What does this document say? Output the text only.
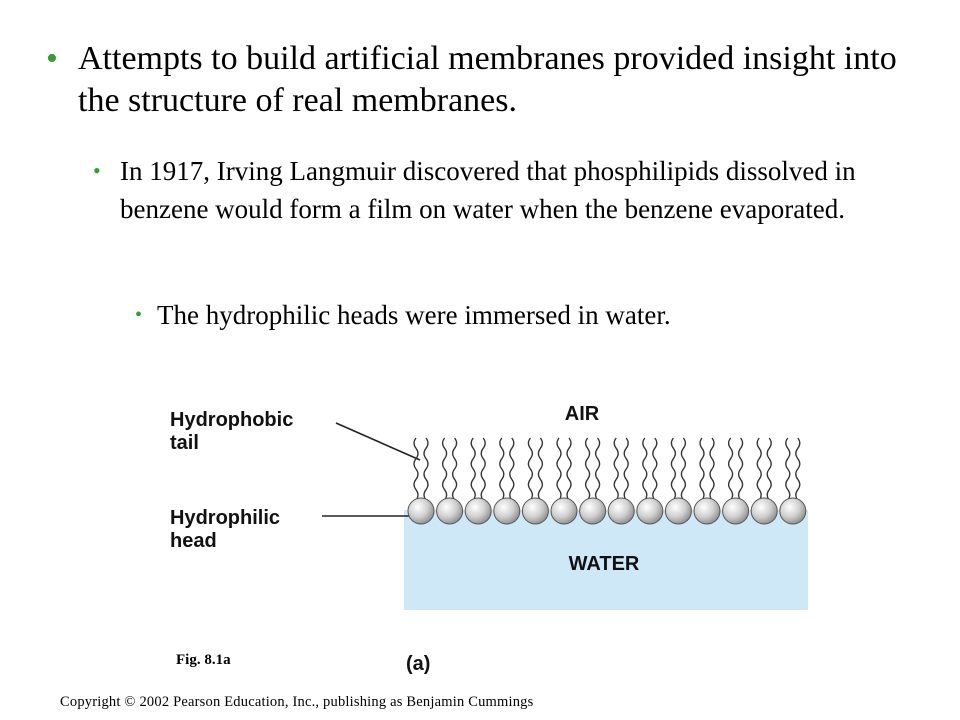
• Attempts to build artificial membranes provided insight into the structure of real membranes.
• In 1917, Irving Langmuir discovered that phosphilipids dissolved in benzene would form a film on water when the benzene evaporated.
• The hydrophilic heads were immersed in water.
AIR
WATER
Hydrophobic
tail
Hydrophilic
head
(a)
Fig. 8.1a
Copyright © 2002 Pearson Education, Inc., publishing as Benjamin Cummings
